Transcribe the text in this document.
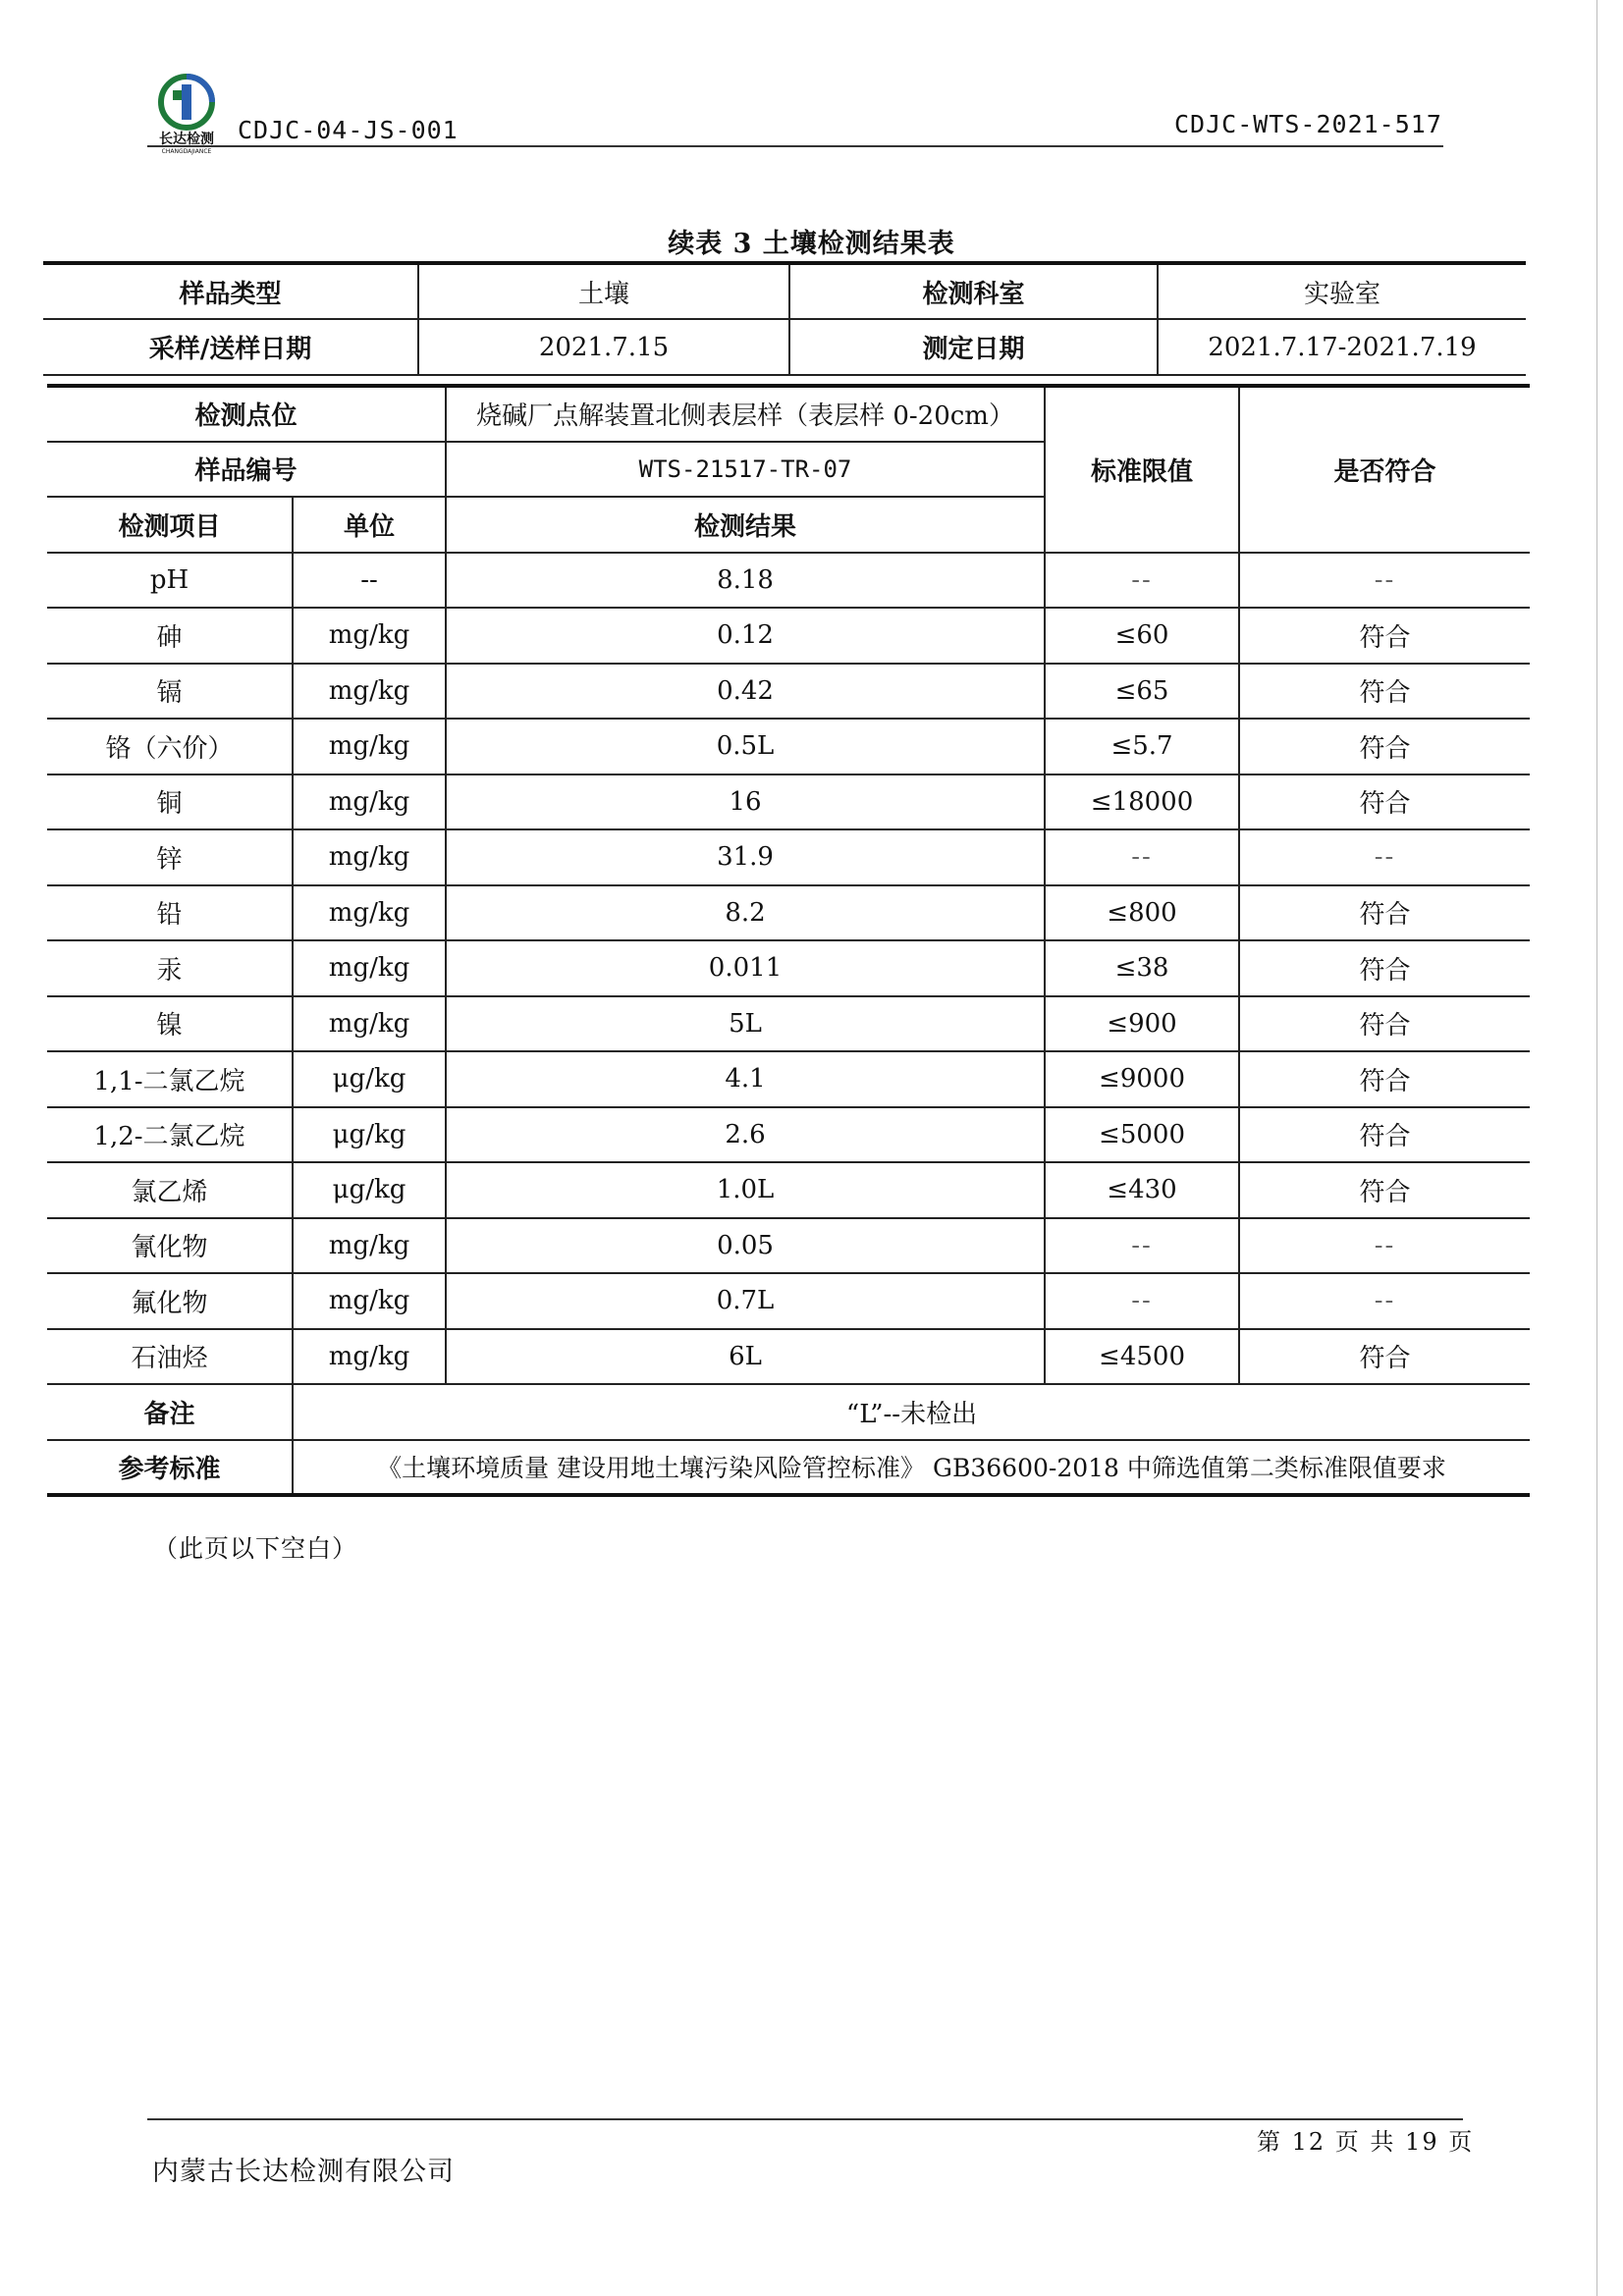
长达检测
CHANGDAJIANCE
CDJC-04-JS-001	CDJC-WTS-2021-517
续表 3 土壤检测结果表
样品类型	土壤	检测科室	实验室
采样/送样日期	2021.7.15	测定日期	2021.7.17-2021.7.19
检测点位		烧碱厂点解装置北侧表层样（表层样 0-20cm）	标准限值	是否符合
样品编号		WTS-21517-TR-07		
检测项目	单位	检测结果		
pH	--	8.18	--	--
砷	mg/kg	0.12	≤60	符合
镉	mg/kg	0.42	≤65	符合
铬（六价）	mg/kg	0.5L	≤5.7	符合
铜	mg/kg	16	≤18000	符合
锌	mg/kg	31.9	--	--
铅	mg/kg	8.2	≤800	符合
汞	mg/kg	0.011	≤38	符合
镍	mg/kg	5L	≤900	符合
1,1-二氯乙烷	μg/kg	4.1	≤9000	符合
1,2-二氯乙烷	μg/kg	2.6	≤5000	符合
氯乙烯	μg/kg	1.0L	≤430	符合
氰化物	mg/kg	0.05	--	--
氟化物	mg/kg	0.7L	--	--
石油烃	mg/kg	6L	≤4500	符合
备注	“L”--未检出			
参考标准	《土壤环境质量 建设用地土壤污染风险管控标准》 GB36600-2018 中筛选值第二类标准限值要求			
（此页以下空白）
第 12 页 共 19 页
内蒙古长达检测有限公司
